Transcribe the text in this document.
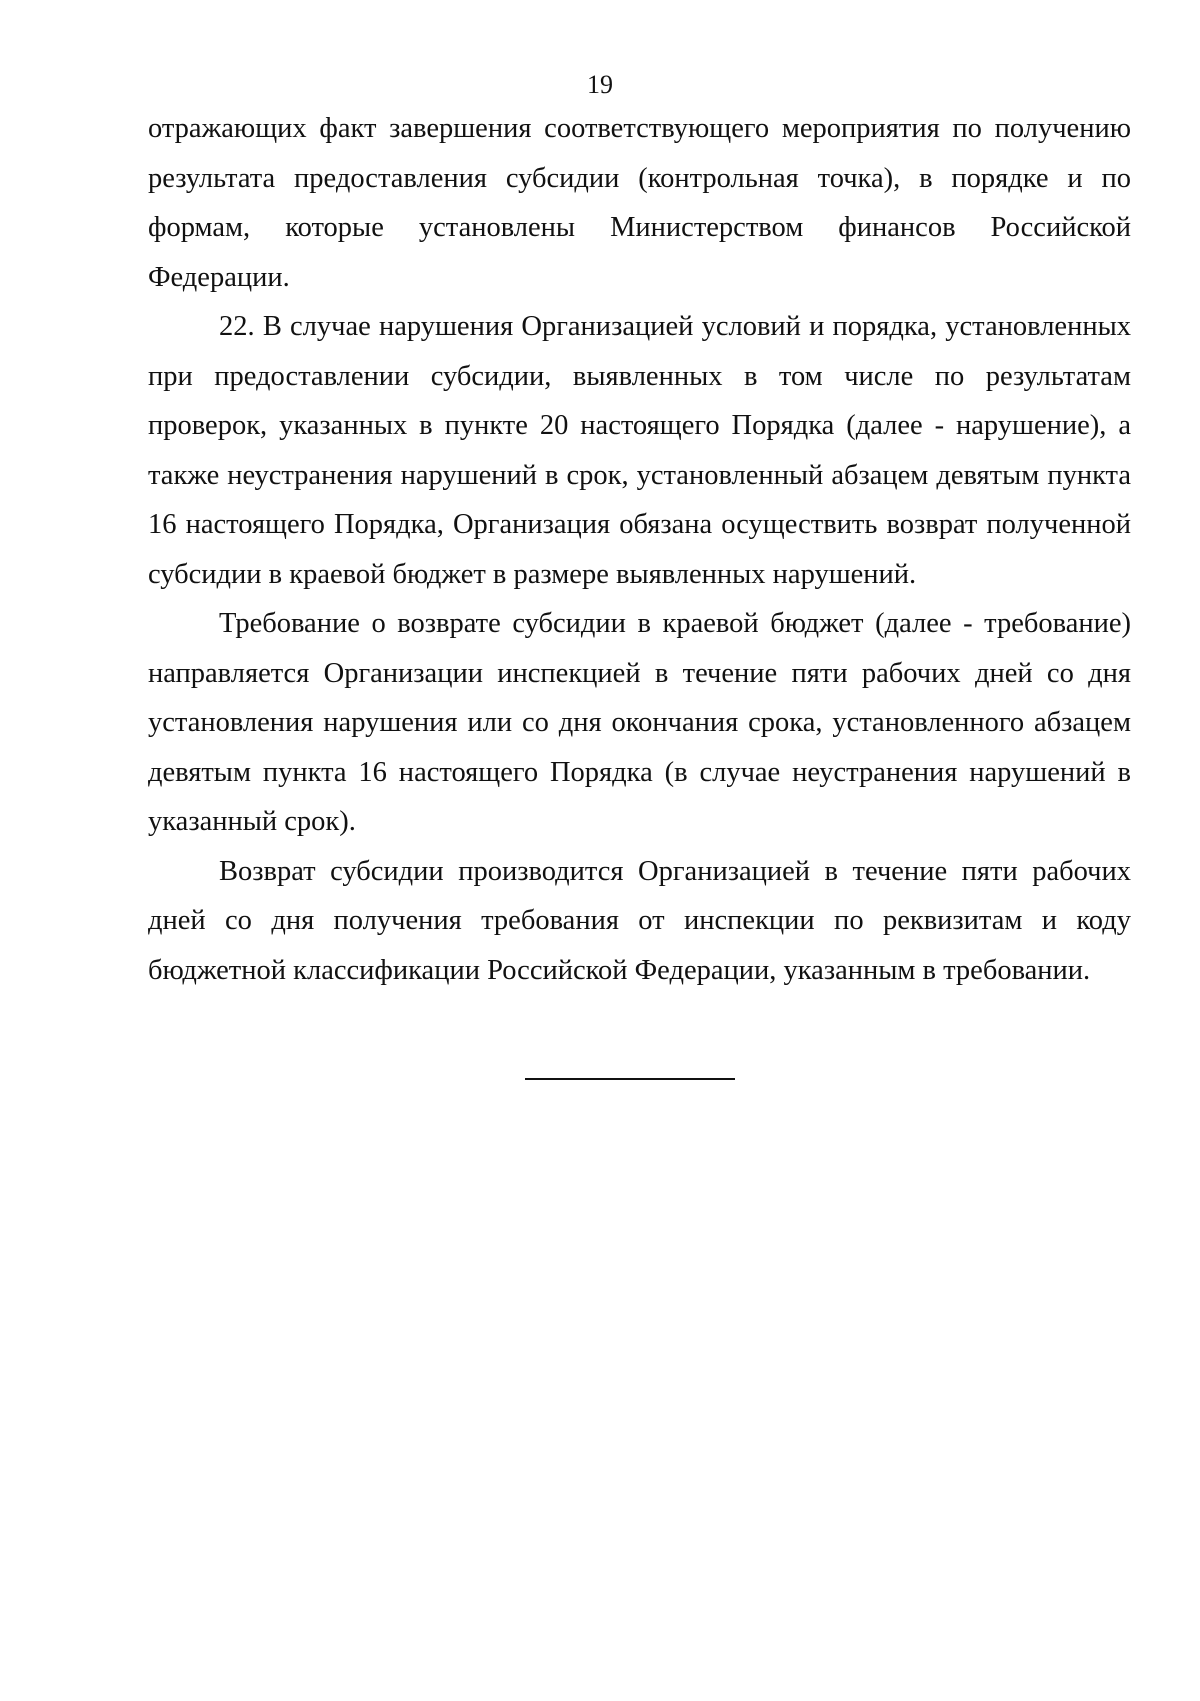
19

отражающих факт завершения соответствующего мероприятия по получению результата предоставления субсидии (контрольная точка), в порядке и по формам, которые установлены Министерством финансов Российской Федерации.

22. В случае нарушения Организацией условий и порядка, установленных при предоставлении субсидии, выявленных в том числе по результатам проверок, указанных в пункте 20 настоящего Порядка (далее - нарушение), а также неустранения нарушений в срок, установленный абзацем девятым пункта 16 настоящего Порядка, Организация обязана осуществить возврат полученной субсидии в краевой бюджет в размере выявленных нарушений.

Требование о возврате субсидии в краевой бюджет (далее - требование) направляется Организации инспекцией в течение пяти рабочих дней со дня установления нарушения или со дня окончания срока, установленного абзацем девятым пункта 16 настоящего Порядка (в случае неустранения нарушений в указанный срок).

Возврат субсидии производится Организацией в течение пяти рабочих дней со дня получения требования от инспекции по реквизитам и коду бюджетной классификации Российской Федерации, указанным в требовании.
